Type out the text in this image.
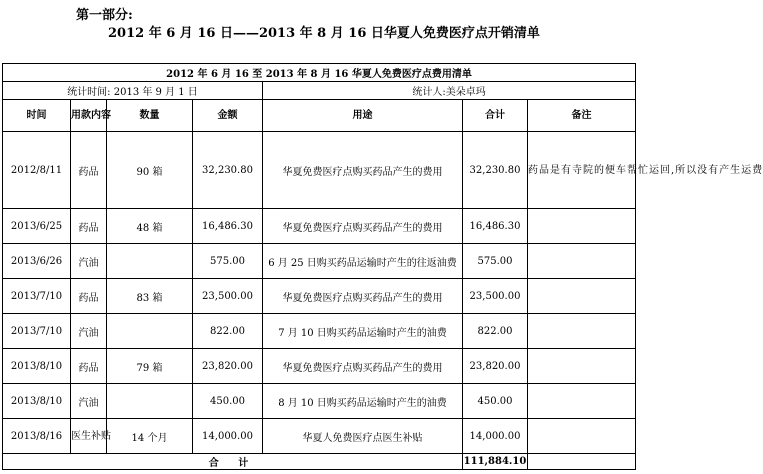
第一部分:
2012 年 6 月 16 日——2013 年 8 月 16 日华夏人免费医疗点开销清单
2012 年 6 月 16 至 2013 年 8 月 16 华夏人免费医疗点费用清单						
统计时间: 2013 年 9 月 1 日				统计人:美朵卓玛		
时间	用款内容	数量	金额	用途	合计	备注
2012/8/11	药品	90 箱	32,230.80	华夏免费医疗点购买药品产生的费用	32,230.80	药品是有寺院的便车帮忙运回,所以没有产生运费
2013/6/25	药品	48 箱	16,486.30	华夏免费医疗点购买药品产生的费用	16,486.30	
2013/6/26	汽油		575.00	6 月 25 日购买药品运输时产生的往返油费	575.00	
2013/7/10	药品	83 箱	23,500.00	华夏免费医疗点购买药品产生的费用	23,500.00	
2013/7/10	汽油		822.00	7 月 10 日购买药品运输时产生的油费	822.00	
2013/8/10	药品	79 箱	23,820.00	华夏免费医疗点购买药品产生的费用	23,820.00	
2013/8/10	汽油		450.00	8 月 10 日购买药品运输时产生的油费	450.00	
2013/8/16	医生补贴	14 个月	14,000.00	华夏人免费医疗点医生补贴	14,000.00	
合 计					111,884.10	
